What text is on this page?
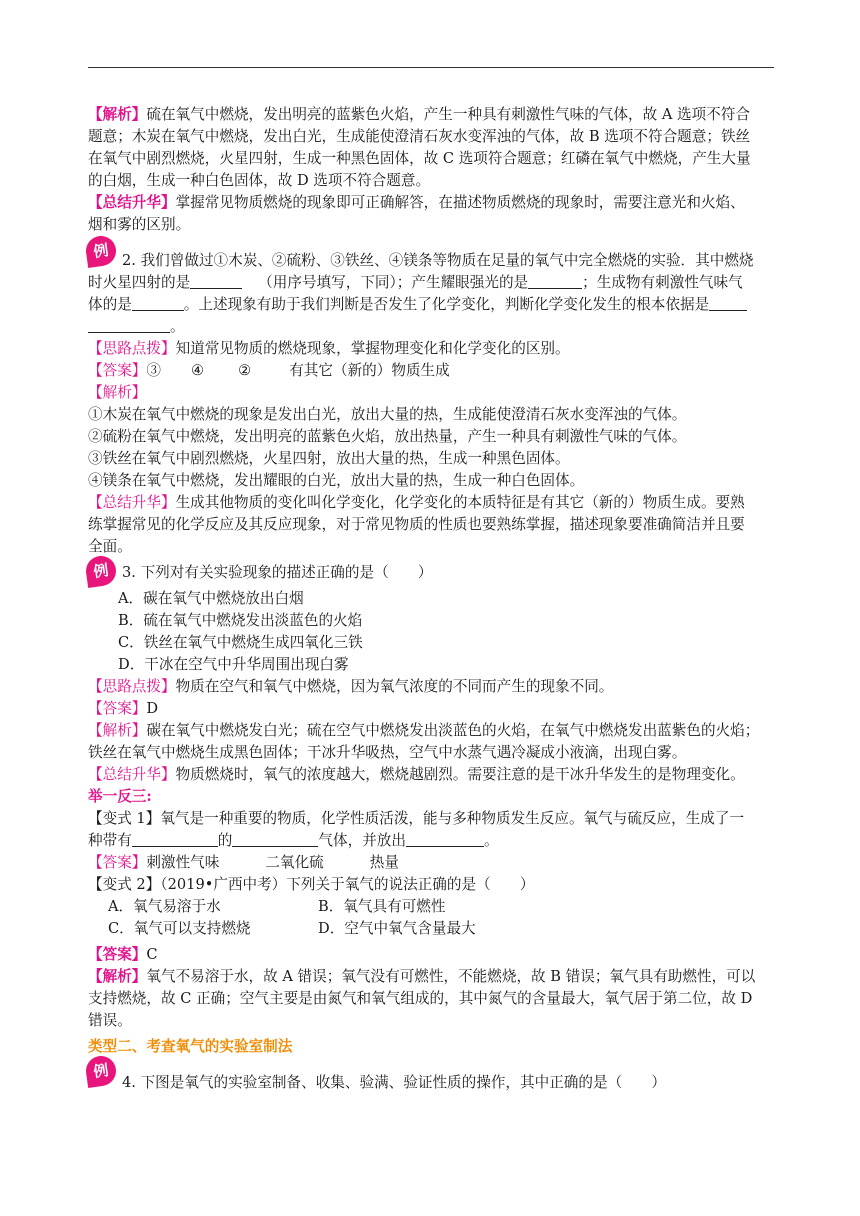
【解析】硫在氧气中燃烧，发出明亮的蓝紫色火焰，产生一种具有刺激性气味的气体，故 A 选项不符合

题意；木炭在氧气中燃烧，发出白光，生成能使澄清石灰水变浑浊的气体，故 B 选项不符合题意；铁丝

在氧气中剧烈燃烧，火星四射，生成一种黑色固体，故 C 选项符合题意；红磷在氧气中燃烧，产生大量

的白烟，生成一种白色固体，故 D 选项不符合题意。

【总结升华】掌握常见物质燃烧的现象即可正确解答，在描述物质燃烧的现象时，需要注意光和火焰、

烟和雾的区别。

例 2. 我们曾做过①木炭、②硫粉、③铁丝、④镁条等物质在足量的氧气中完全燃烧的实验．其中燃烧

时火星四射的是	（用序号填写，下同）；产生耀眼强光的是	；生成物有刺激性气味气

体的是	。上述现象有助于我们判断是否发生了化学变化，判断化学变化发生的根本依据是

。

【思路点拨】知道常见物质的燃烧现象，掌握物理变化和化学变化的区别。

【答案】③ ④ ②	有其它（新的）物质生成

【解析】

①木炭在氧气中燃烧的现象是发出白光，放出大量的热，生成能使澄清石灰水变浑浊的气体。

②硫粉在氧气中燃烧，发出明亮的蓝紫色火焰，放出热量，产生一种具有刺激性气味的气体。

③铁丝在氧气中剧烈燃烧，火星四射，放出大量的热，生成一种黑色固体。

④镁条在氧气中燃烧，发出耀眼的白光，放出大量的热，生成一种白色固体。

【总结升华】生成其他物质的变化叫化学变化，化学变化的本质特征是有其它（新的）物质生成。要熟

练掌握常见的化学反应及其反应现象，对于常见物质的性质也要熟练掌握，描述现象要准确简洁并且要

全面。

例 3. 下列对有关实验现象的描述正确的是（　　）

A．碳在氧气中燃烧放出白烟

B．硫在氧气中燃烧发出淡蓝色的火焰

C．铁丝在氧气中燃烧生成四氧化三铁

D．干冰在空气中升华周围出现白雾

【思路点拨】物质在空气和氧气中燃烧，因为氧气浓度的不同而产生的现象不同。

【答案】D

【解析】碳在氧气中燃烧发白光；硫在空气中燃烧发出淡蓝色的火焰，在氧气中燃烧发出蓝紫色的火焰；

铁丝在氧气中燃烧生成黑色固体；干冰升华吸热，空气中水蒸气遇冷凝成小液滴，出现白雾。

【总结升华】物质燃烧时，氧气的浓度越大，燃烧越剧烈。需要注意的是干冰升华发生的是物理变化。

举一反三:

【变式 1】氧气是一种重要的物质，化学性质活泼，能与多种物质发生反应。氧气与硫反应，生成了一

种带有	的	气体，并放出	。

【答案】刺激性气味	二氧化硫	热量

【变式 2】（2019•广西中考）下列关于氧气的说法正确的是（　　）

A．氧气易溶于水	B．氧气具有可燃性

C．氧气可以支持燃烧	D．空气中氧气含量最大

【答案】C

【解析】氧气不易溶于水，故 A 错误；氧气没有可燃性，不能燃烧，故 B 错误；氧气具有助燃性，可以

支持燃烧，故 C 正确；空气主要是由氮气和氧气组成的，其中氮气的含量最大，氧气居于第二位，故 D

错误。

类型二、考查氧气的实验室制法

例

4. 下图是氧气的实验室制备、收集、验满、验证性质的操作，其中正确的是（　　）
